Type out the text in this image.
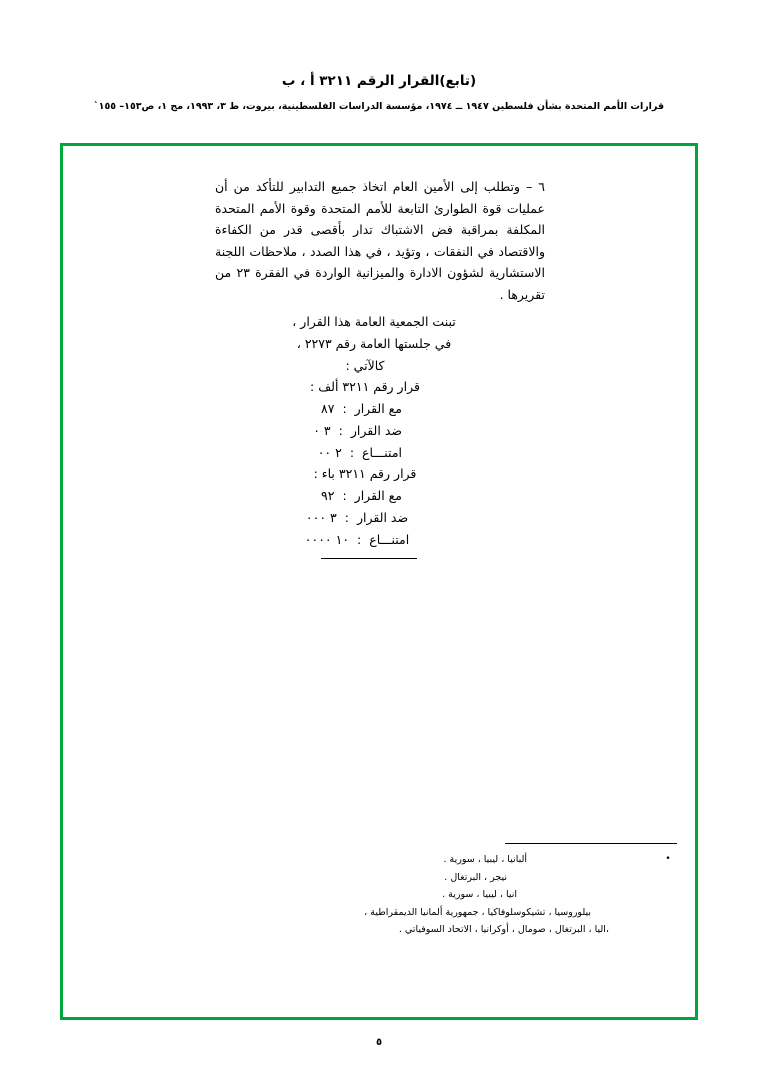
(تابع)القرار الرقم ٣٢١١ أ ، ب
قرارات الأمم المتحدة بشأن فلسطين ١٩٤٧ ــ ١٩٧٤، مؤسسة الدراسات الفلسطينية، بيروت، ط ٣، ١٩٩٣، مج ١، ص١٥٣– ١٥٥`
٦ – وتطلب إلى الأمين العام اتخاذ جميع التدابير للتأكد من أن عمليات قوة الطوارئ التابعة للأمم المتحدة وقوة الأمم المتحدة المكلفة بمراقبة فض الاشتباك تدار بأقصى قدر من الكفاءة والاقتصاد في النفقات ، وتؤيد ، في هذا الصدد ، ملاحظات اللجنة الاستشارية لشؤون الادارة والميزانية الواردة في الفقرة ٢٣ من تقريرها .
تبنت الجمعية العامة هذا القرار ،
في جلستها العامة رقم ٢٢٧٣ ،
كالآتي :
قرار رقم ٣٢١١ ألف :
مع القرار : ٨٧
ضد القرار : ٣ ٠
امتنـــاع : ٢ ٠٠
قرار رقم ٣٢١١ باء :
مع القرار : ٩٢
ضد القرار : ٣ ٠٠٠
امتنـــاع : ١٠ ٠٠٠٠
•
ألبانيا ، ليبيا ، سورية .
نيجر ، البرتغال .
انيا ، ليبيا ، سورية .
بيلوروسيا ، تشيكوسلوفاكيا ، جمهورية ألمانيا الديمقراطية ،
،اليا ، البرتغال ، صومال ، أوكرانيا ، الاتحاد السوفياتي .
٥
